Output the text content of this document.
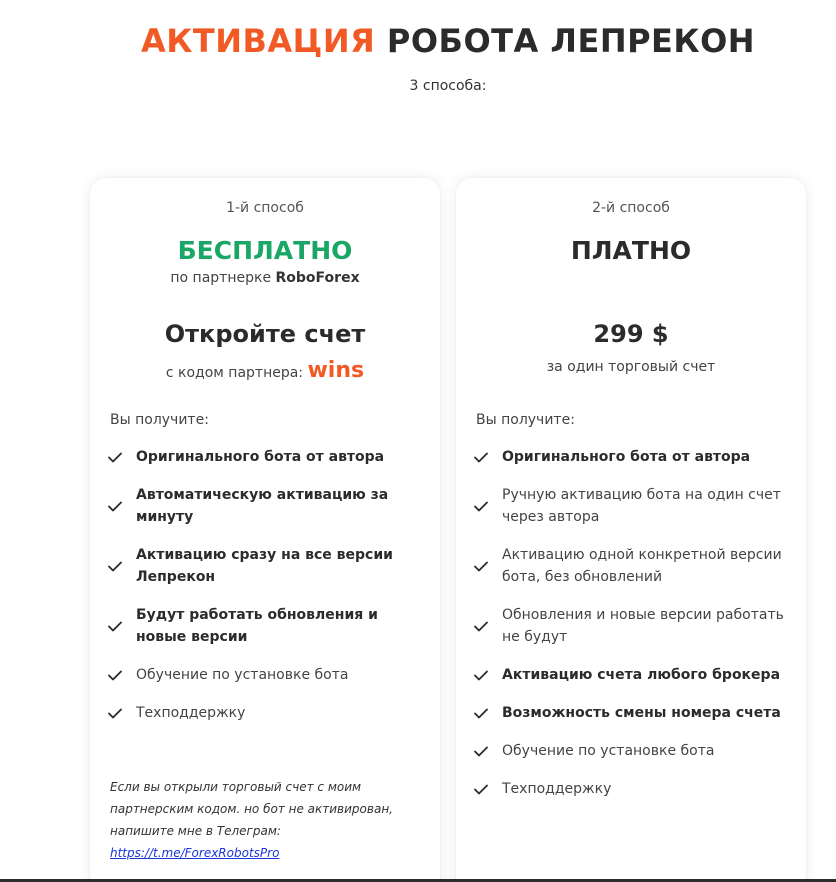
АКТИВАЦИЯ РОБОТА ЛЕПРЕКОН
3 способа:
1-й способ
БЕСПЛАТНО
по партнерке RoboForex
Откройте счет
с кодом партнера: wins
Вы получите:
Оригинального бота от автора
Автоматическую активацию за минуту
Активацию сразу на все версии Лепрекон
Будут работать обновления и новые версии
Обучение по установке бота
Техподдержку
Если вы открыли торговый счет с моим партнерским кодом. но бот не активирован, напишите мне в Телеграм:
https://t.me/ForexRobotsPro
2-й способ
ПЛАТНО
299 $
за один торговый счет
Вы получите:
Оригинального бота от автора
Ручную активацию бота на один счет через автора
Активацию одной конкретной версии бота, без обновлений
Обновления и новые версии работать не будут
Активацию счета любого брокера
Возможность смены номера счета
Обучение по установке бота
Техподдержку
